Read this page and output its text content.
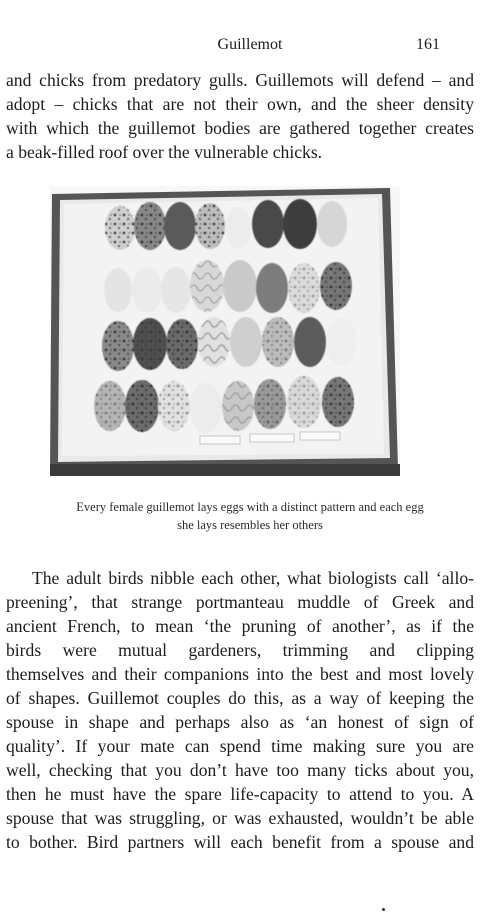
Guillemot	161
and chicks from predatory gulls. Guillemots will defend – and
adopt – chicks that are not their own, and the sheer density
with which the guillemot bodies are gathered together creates
a beak-filled roof over the vulnerable chicks.
Every female guillemot lays eggs with a distinct pattern and each egg
she lays resembles her others
The adult birds nibble each other, what biologists call ‘allo-
preening’, that strange portmanteau muddle of Greek and
ancient French, to mean ‘the pruning of another’, as if the
birds were mutual gardeners, trimming and clipping
themselves and their companions into the best and most lovely
of shapes. Guillemot couples do this, as a way of keeping the
spouse in shape and perhaps also as ‘an honest of sign of
quality’. If your mate can spend time making sure you are
well, checking that you don’t have too many ticks about you,
then he must have the spare life-capacity to attend to you. A
spouse that was struggling, or was exhausted, wouldn’t be able
to bother. Bird partners will each benefit from a spouse and
